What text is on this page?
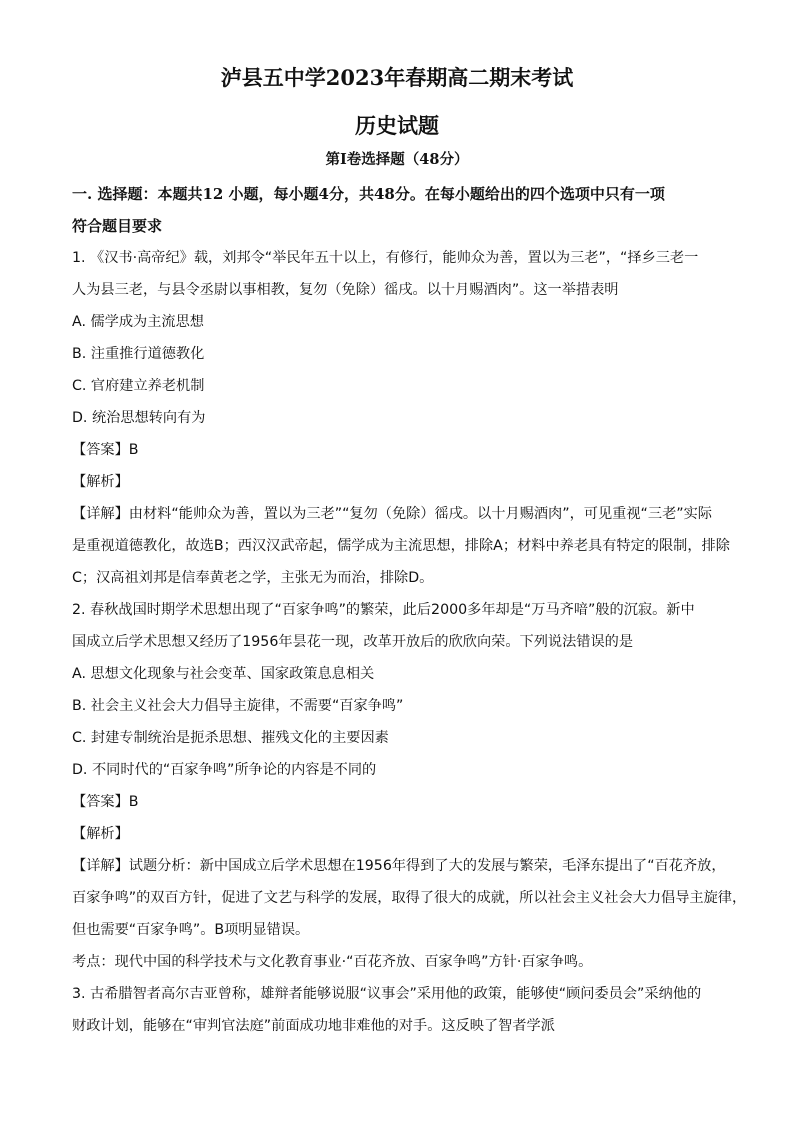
泸县五中学2023年春期高二期末考试
历史试题
第Ⅰ卷选择题（48分）
一. 选择题：本题共12 小题，每小题4分，共48分。在每小题给出的四个选项中只有一项
符合题目要求
1. 《汉书·高帝纪》载，刘邦令“举民年五十以上，有修行，能帅众为善，置以为三老”，“择乡三老一
人为县三老，与县令丞尉以事相教，复勿（免除）徭戌。以十月赐酒肉”。这一举措表明
A. 儒学成为主流思想
B. 注重推行道德教化
C. 官府建立养老机制
D. 统治思想转向有为
【答案】B
【解析】
【详解】由材料“能帅众为善，置以为三老”“复勿（免除）徭戌。以十月赐酒肉”，可见重视“三老”实际
是重视道德教化，故选B；西汉汉武帝起，儒学成为主流思想，排除A；材料中养老具有特定的限制，排除
C；汉高祖刘邦是信奉黄老之学，主张无为而治，排除D。
2. 春秋战国时期学术思想出现了“百家争鸣”的繁荣，此后2000多年却是“万马齐喑”般的沉寂。新中
国成立后学术思想又经历了1956年昙花一现，改革开放后的欣欣向荣。下列说法错误的是
A. 思想文化现象与社会变革、国家政策息息相关
B. 社会主义社会大力倡导主旋律，不需要“百家争鸣”
C. 封建专制统治是扼杀思想、摧残文化的主要因素
D. 不同时代的“百家争鸣”所争论的内容是不同的
【答案】B
【解析】
【详解】试题分析：新中国成立后学术思想在1956年得到了大的发展与繁荣，毛泽东提出了“百花齐放，
百家争鸣”的双百方针，促进了文艺与科学的发展，取得了很大的成就，所以社会主义社会大力倡导主旋律，
但也需要“百家争鸣”。B项明显错误。
考点：现代中国的科学技术与文化教育事业·“百花齐放、百家争鸣”方针·百家争鸣。
3. 古希腊智者高尔吉亚曾称，雄辩者能够说服“议事会”采用他的政策，能够使“顾问委员会”采纳他的
财政计划，能够在“审判官法庭”前面成功地非难他的对手。这反映了智者学派
